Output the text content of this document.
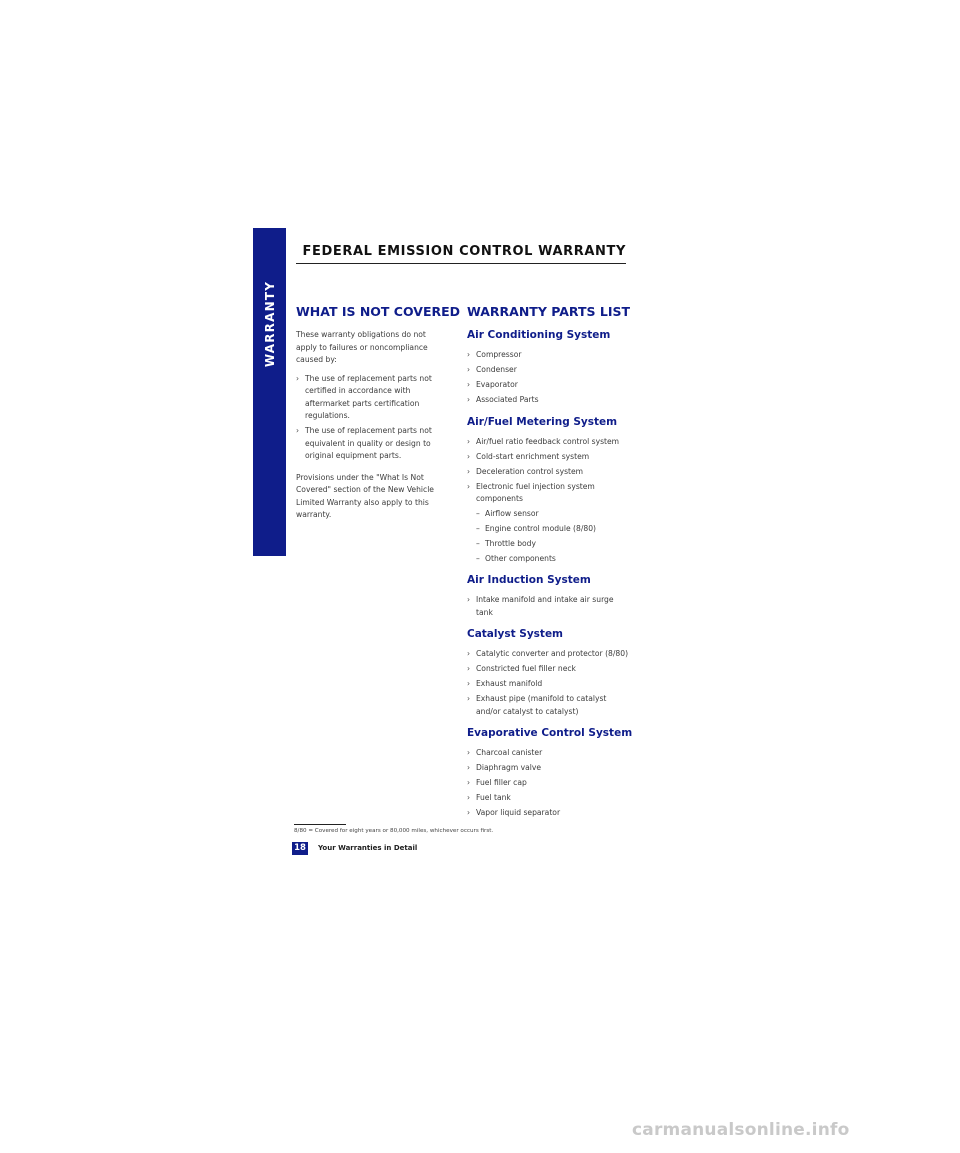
WARRANTY
FEDERAL EMISSION CONTROL WARRANTY
WHAT IS NOT COVERED

These warranty obligations do not apply to failures or noncompliance caused by:

› The use of replacement parts not certified in accordance with aftermarket parts certification regulations.
› The use of replacement parts not equivalent in quality or design to original equipment parts.

Provisions under the "What Is Not Covered" section of the New Vehicle Limited Warranty also apply to this warranty.

WARRANTY PARTS LIST
Air Conditioning System
› Compressor
› Condenser
› Evaporator
› Associated Parts
Air/Fuel Metering System
› Air/fuel ratio feedback control system
› Cold-start enrichment system
› Deceleration control system
› Electronic fuel injection system components
– Airflow sensor
– Engine control module (8/80)
– Throttle body
– Other components
Air Induction System
› Intake manifold and intake air surge tank
Catalyst System
› Catalytic converter and protector (8/80)
› Constricted fuel filler neck
› Exhaust manifold
› Exhaust pipe (manifold to catalyst and/or catalyst to catalyst)
Evaporative Control System
› Charcoal canister
› Diaphragm valve
› Fuel filler cap
› Fuel tank
› Vapor liquid separator
8/80 = Covered for eight years or 80,000 miles, whichever occurs first.
18 Your Warranties in Detail
carmanualsonline.info
